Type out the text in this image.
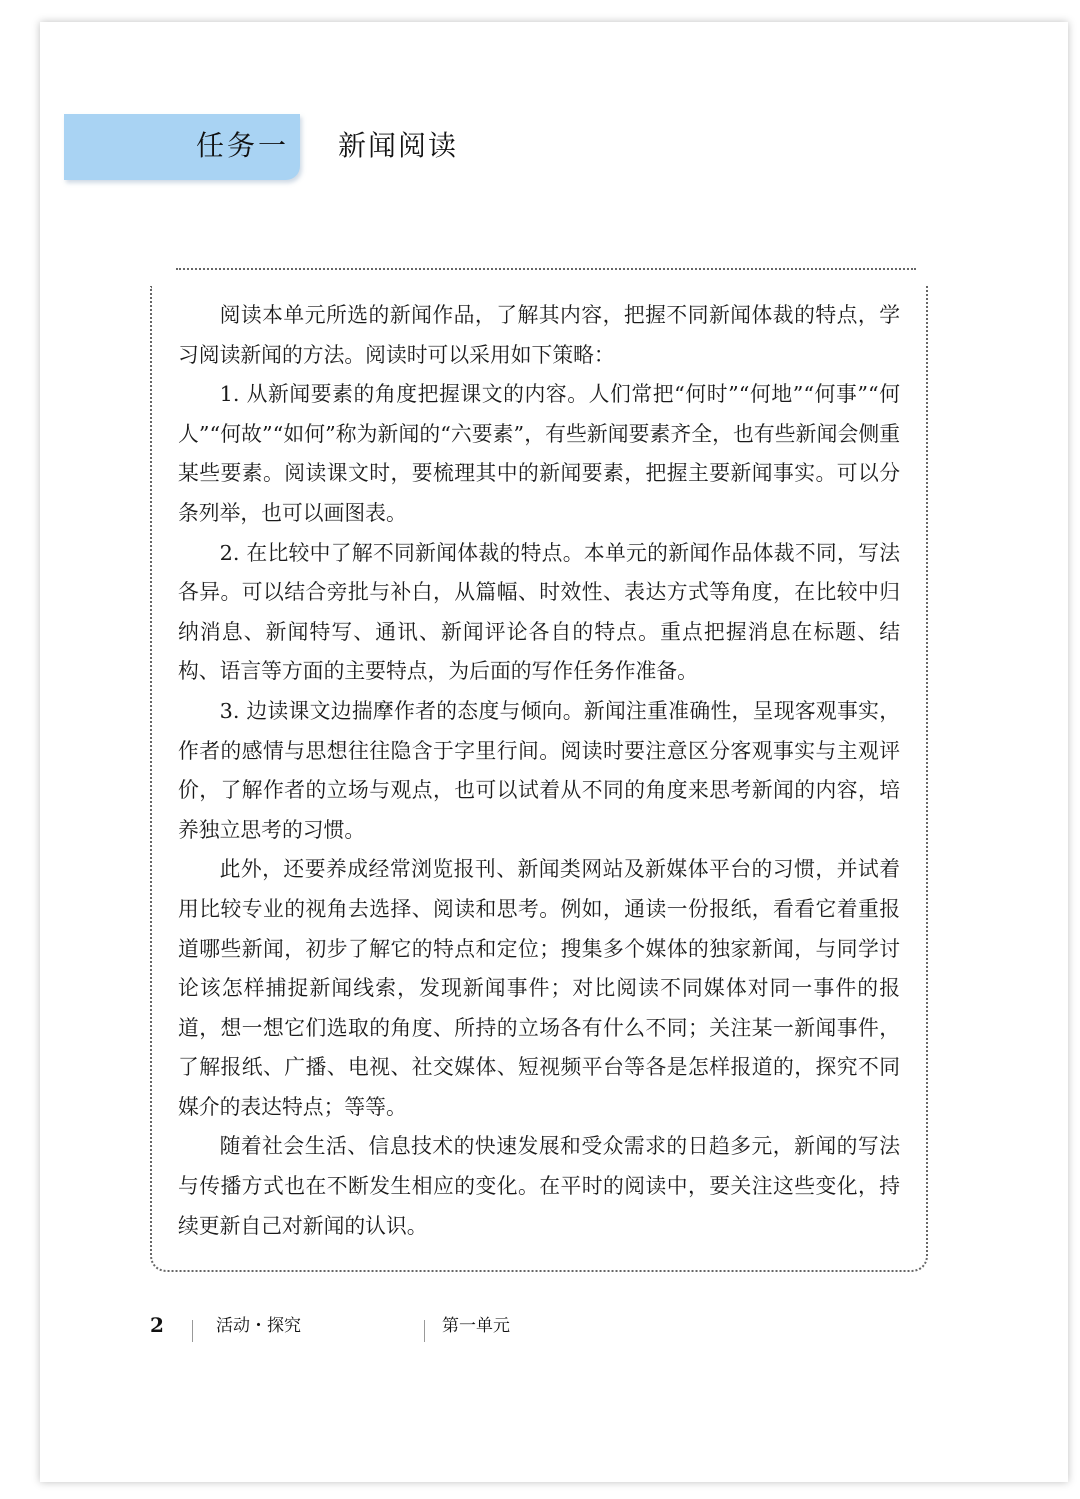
任务一 新闻阅读

阅读本单元所选的新闻作品，了解其内容，把握不同新闻体裁的特点，学习阅读新闻的方法。阅读时可以采用如下策略：

1. 从新闻要素的角度把握课文的内容。人们常把“何时”“何地”“何事”“何人”“何故”“如何”称为新闻的“六要素”，有些新闻要素齐全，也有些新闻会侧重某些要素。阅读课文时，要梳理其中的新闻要素，把握主要新闻事实。可以分条列举，也可以画图表。

2. 在比较中了解不同新闻体裁的特点。本单元的新闻作品体裁不同，写法各异。可以结合旁批与补白，从篇幅、时效性、表达方式等角度，在比较中归纳消息、新闻特写、通讯、新闻评论各自的特点。重点把握消息在标题、结构、语言等方面的主要特点，为后面的写作任务作准备。

3. 边读课文边揣摩作者的态度与倾向。新闻注重准确性，呈现客观事实，作者的感情与思想往往隐含于字里行间。阅读时要注意区分客观事实与主观评价，了解作者的立场与观点，也可以试着从不同的角度来思考新闻的内容，培养独立思考的习惯。

此外，还要养成经常浏览报刊、新闻类网站及新媒体平台的习惯，并试着用比较专业的视角去选择、阅读和思考。例如，通读一份报纸，看看它着重报道哪些新闻，初步了解它的特点和定位；搜集多个媒体的独家新闻，与同学讨论该怎样捕捉新闻线索，发现新闻事件；对比阅读不同媒体对同一事件的报道，想一想它们选取的角度、所持的立场各有什么不同；关注某一新闻事件，了解报纸、广播、电视、社交媒体、短视频平台等各是怎样报道的，探究不同媒介的表达特点；等等。

随着社会生活、信息技术的快速发展和受众需求的日趋多元，新闻的写法与传播方式也在不断发生相应的变化。在平时的阅读中，要关注这些变化，持续更新自己对新闻的认识。

2	活动・探究	第一单元
